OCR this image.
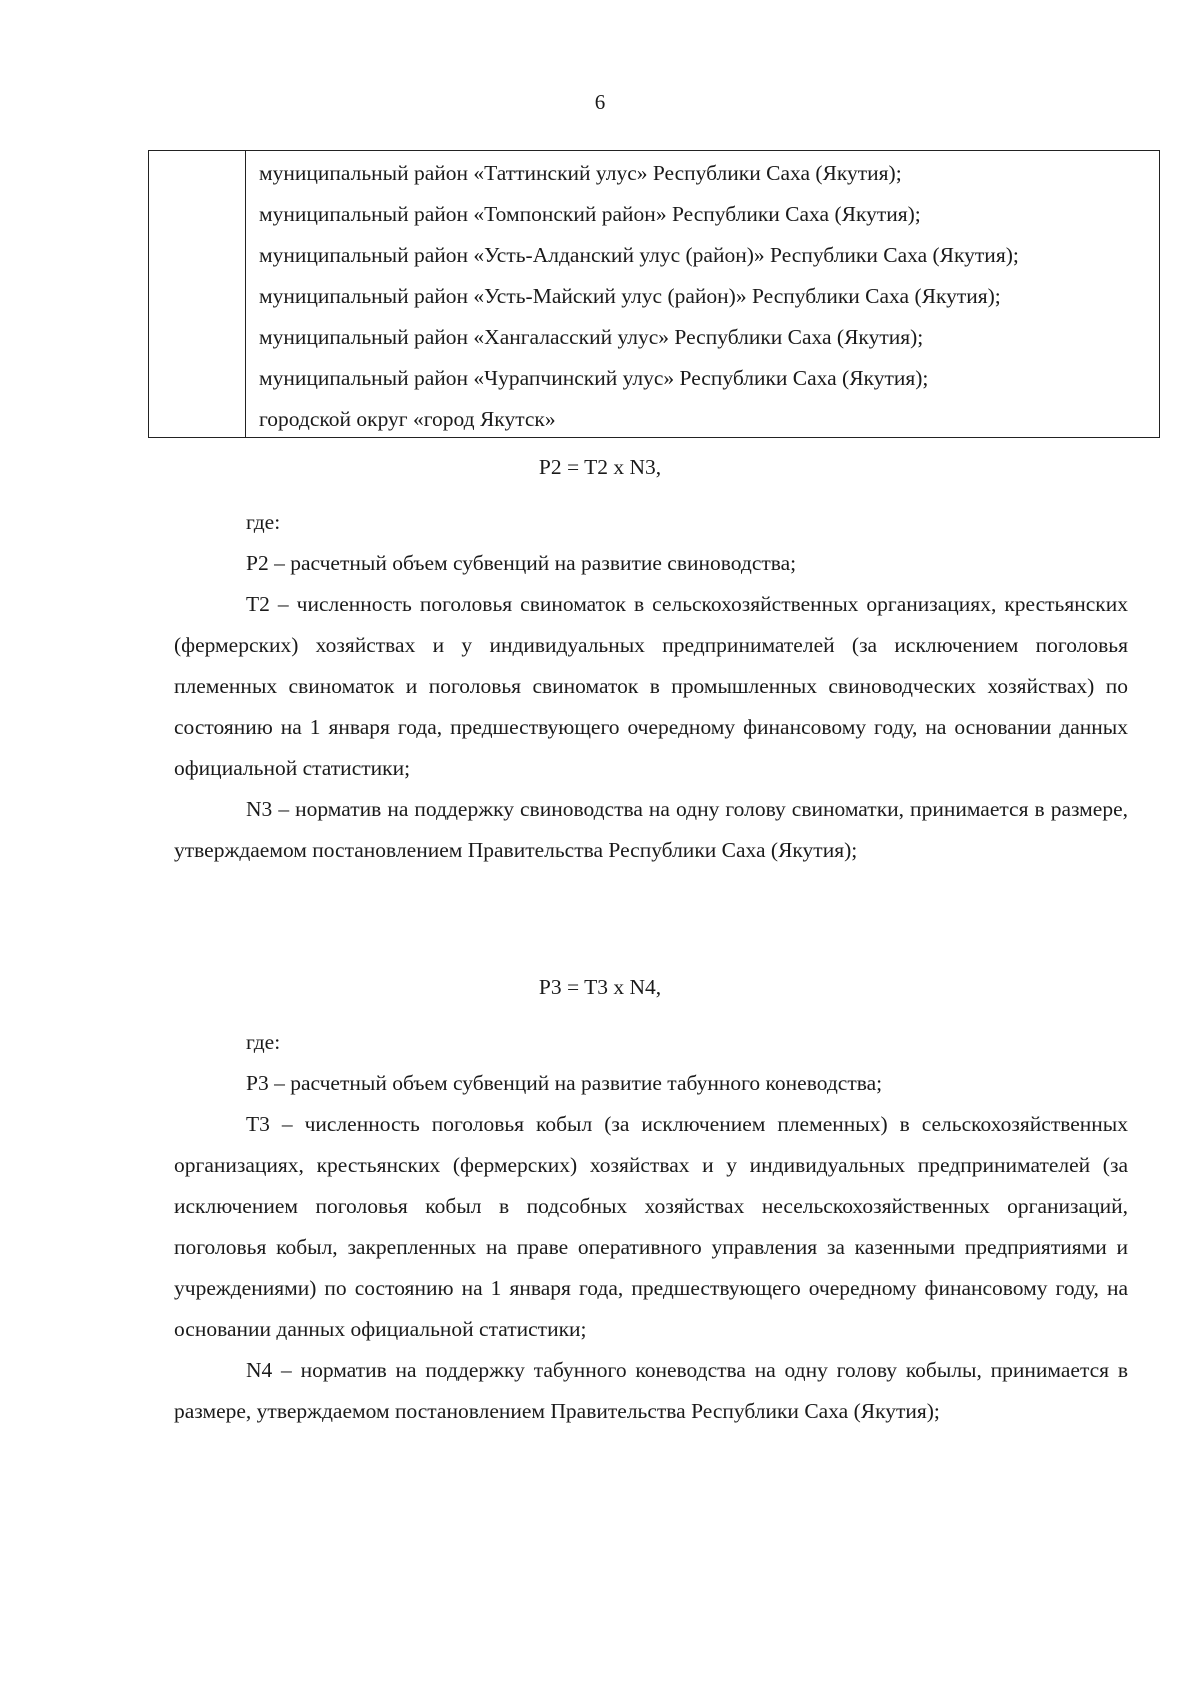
6
муниципальный район «Таттинский улус» Республики Саха (Якутия);
муниципальный район «Томпонский район» Республики Саха (Якутия);
муниципальный район «Усть-Алданский улус (район)» Республики Саха (Якутия);
муниципальный район «Усть-Майский улус (район)» Республики Саха (Якутия);
муниципальный район «Хангаласский улус» Республики Саха (Якутия);
муниципальный район «Чурапчинский улус» Республики Саха (Якутия);
городской округ «город Якутск»
P2 = T2 x N3,

где:

P2 – расчетный объем субвенций на развитие свиноводства;

T2 – численность поголовья свиноматок в сельскохозяйственных организациях, крестьянских (фермерских) хозяйствах и у индивидуальных предпринимателей (за исключением поголовья племенных свиноматок и поголовья свиноматок в промышленных свиноводческих хозяйствах) по состоянию на 1 января года, предшествующего очередному финансовому году, на основании данных официальной статистики;

N3 – норматив на поддержку свиноводства на одну голову свиноматки, принимается в размере, утверждаемом постановлением Правительства Республики Саха (Якутия);

P3 = T3 x N4,

где:

P3 – расчетный объем субвенций на развитие табунного коневодства;

T3 – численность поголовья кобыл (за исключением племенных) в сельскохозяйственных организациях, крестьянских (фермерских) хозяйствах и у индивидуальных предпринимателей (за исключением поголовья кобыл в подсобных хозяйствах несельскохозяйственных организаций, поголовья кобыл, закрепленных на праве оперативного управления за казенными предприятиями и учреждениями) по состоянию на 1 января года, предшествующего очередному финансовому году, на основании данных официальной статистики;

N4 – норматив на поддержку табунного коневодства на одну голову кобылы, принимается в размере, утверждаемом постановлением Правительства Республики Саха (Якутия);
